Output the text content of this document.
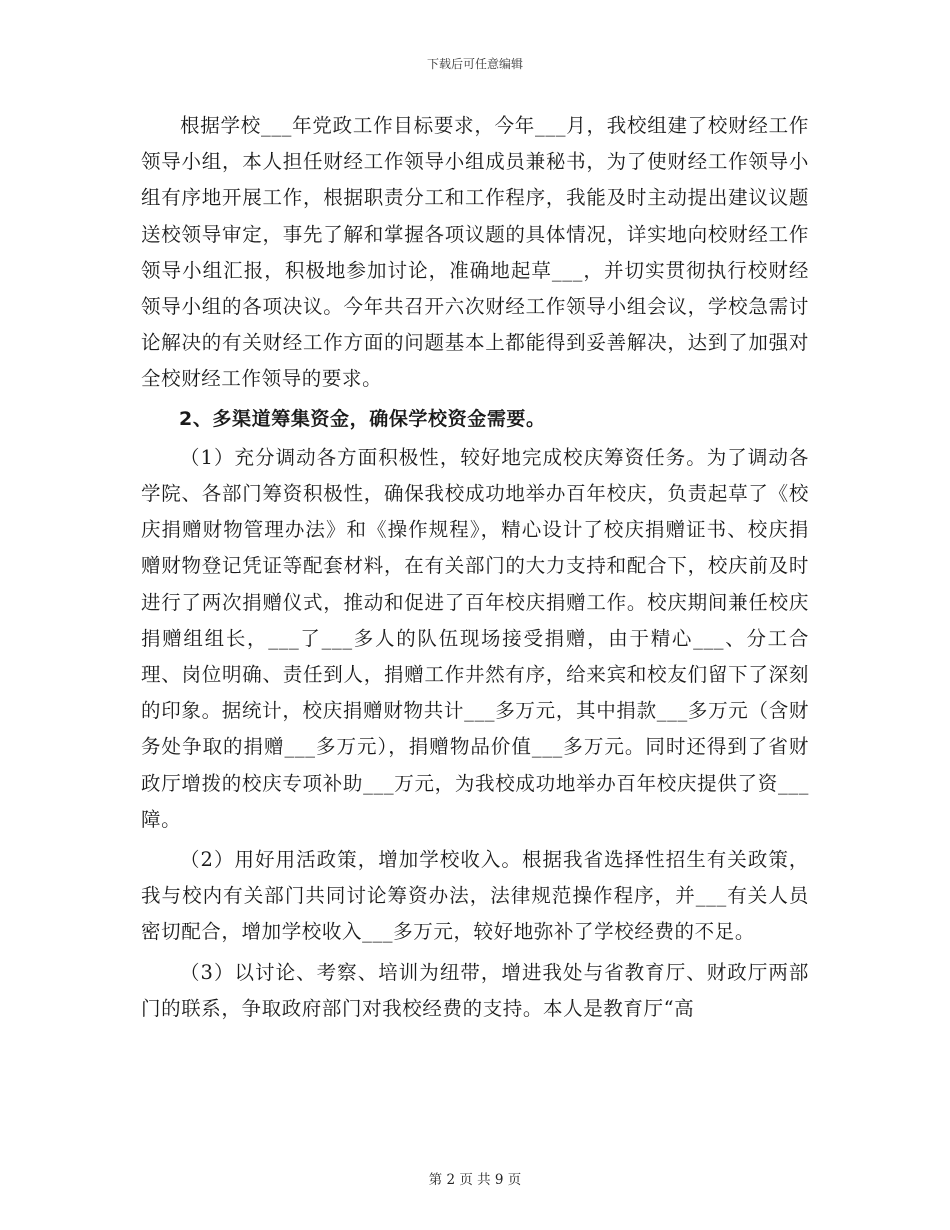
下载后可任意编辑

根据学校___年党政工作目标要求，今年___月，我校组建了校财经工作领导小组，本人担任财经工作领导小组成员兼秘书，为了使财经工作领导小组有序地开展工作，根据职责分工和工作程序，我能及时主动提出建议议题送校领导审定，事先了解和掌握各项议题的具体情况，详实地向校财经工作领导小组汇报，积极地参加讨论，准确地起草___，并切实贯彻执行校财经领导小组的各项决议。今年共召开六次财经工作领导小组会议，学校急需讨论解决的有关财经工作方面的问题基本上都能得到妥善解决，达到了加强对全校财经工作领导的要求。

2、多渠道筹集资金，确保学校资金需要。

（1）充分调动各方面积极性，较好地完成校庆筹资任务。为了调动各学院、各部门筹资积极性，确保我校成功地举办百年校庆，负责起草了《校庆捐赠财物管理办法》和《操作规程》，精心设计了校庆捐赠证书、校庆捐赠财物登记凭证等配套材料，在有关部门的大力支持和配合下，校庆前及时进行了两次捐赠仪式，推动和促进了百年校庆捐赠工作。校庆期间兼任校庆捐赠组组长，___了___多人的队伍现场接受捐赠，由于精心___、分工合理、岗位明确、责任到人，捐赠工作井然有序，给来宾和校友们留下了深刻的印象。据统计，校庆捐赠财物共计___多万元，其中捐款___多万元（含财务处争取的捐赠___多万元），捐赠物品价值___多万元。同时还得到了省财政厅增拨的校庆专项补助___万元，为我校成功地举办百年校庆提供了资___障。

（2）用好用活政策，增加学校收入。根据我省选择性招生有关政策，我与校内有关部门共同讨论筹资办法，法律规范操作程序，并___有关人员密切配合，增加学校收入___多万元，较好地弥补了学校经费的不足。

（3）以讨论、考察、培训为纽带，增进我处与省教育厅、财政厅两部门的联系，争取政府部门对我校经费的支持。本人是教育厅“高

第 2 页 共 9 页
